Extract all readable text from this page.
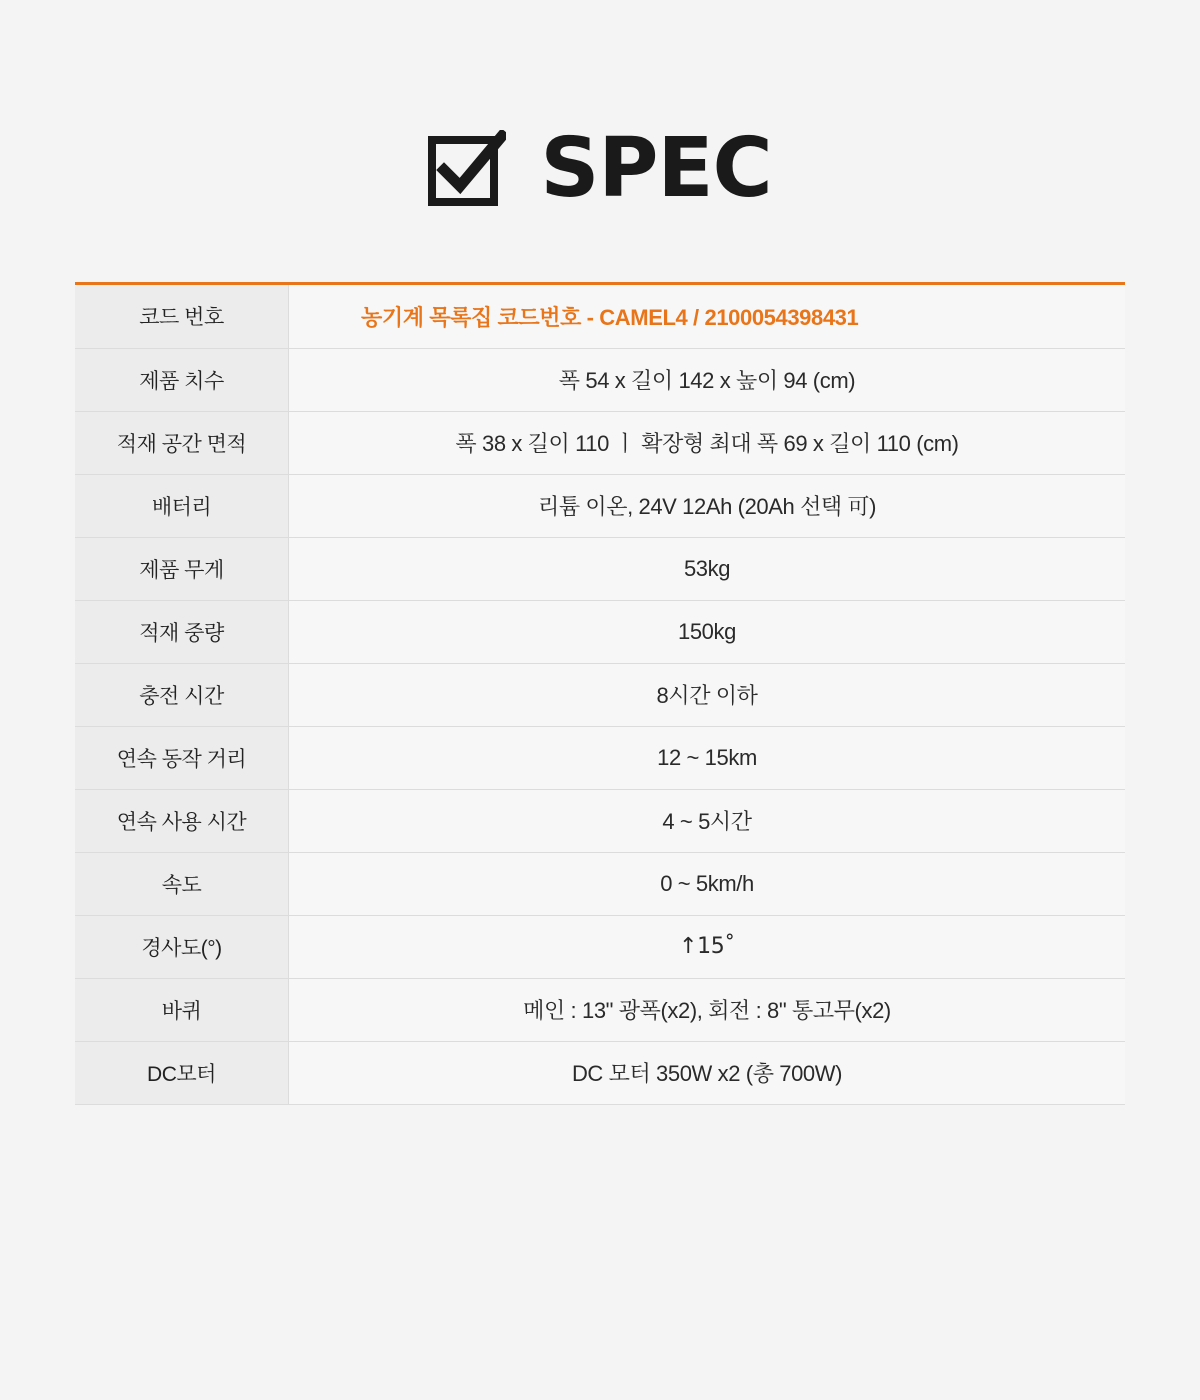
SPEC
코드 번호	농기계 목록집 코드번호 - CAMEL4 / 2100054398431
제품 치수	폭 54 x 길이 142 x 높이 94 (cm)
적재 공간 면적	폭 38 x 길이 110 ㅣ 확장형 최대 폭 69 x 길이 110 (cm)
배터리	리튬 이온, 24V 12Ah (20Ah 선택 可)
제품 무게	53kg
적재 중량	150kg
충전 시간	8시간 이하
연속 동작 거리	12 ~ 15km
연속 사용 시간	4 ~ 5시간
속도	0 ~ 5km/h
경사도(°)	↑15˚
바퀴	메인 : 13" 광폭(x2), 회전 : 8" 통고무(x2)
DC모터	DC 모터 350W x2 (총 700W)
